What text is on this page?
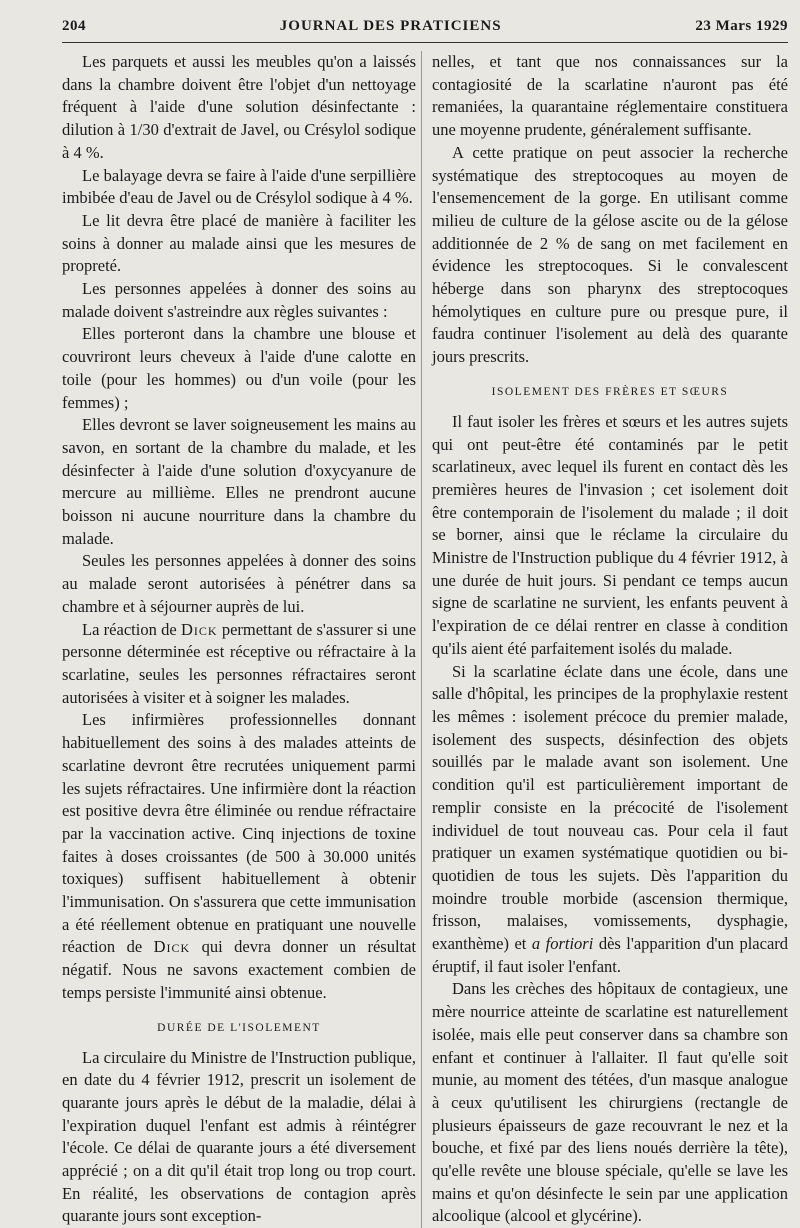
204	JOURNAL DES PRATICIENS	23 Mars 1929

Les parquets et aussi les meubles qu'on a laissés dans la chambre doivent être l'objet d'un nettoyage fréquent à l'aide d'une solution désinfectante : dilution à 1/30 d'extrait de Javel, ou Crésylol sodique à 4 %.

Le balayage devra se faire à l'aide d'une serpillière imbibée d'eau de Javel ou de Crésylol sodique à 4 %.

Le lit devra être placé de manière à faciliter les soins à donner au malade ainsi que les mesures de propreté.

Les personnes appelées à donner des soins au malade doivent s'astreindre aux règles suivantes :

Elles porteront dans la chambre une blouse et couvriront leurs cheveux à l'aide d'une calotte en toile (pour les hommes) ou d'un voile (pour les femmes) ;

Elles devront se laver soigneusement les mains au savon, en sortant de la chambre du malade, et les désinfecter à l'aide d'une solution d'oxycyanure de mercure au millième. Elles ne prendront aucune boisson ni aucune nourriture dans la chambre du malade.

Seules les personnes appelées à donner des soins au malade seront autorisées à pénétrer dans sa chambre et à séjourner auprès de lui.

La réaction de Dick permettant de s'assurer si une personne déterminée est réceptive ou réfractaire à la scarlatine, seules les personnes réfractaires seront autorisées à visiter et à soigner les malades.

Les infirmières professionnelles donnant habituellement des soins à des malades atteints de scarlatine devront être recrutées uniquement parmi les sujets réfractaires. Une infirmière dont la réaction est positive devra être éliminée ou rendue réfractaire par la vaccination active. Cinq injections de toxine faites à doses croissantes (de 500 à 30.000 unités toxiques) suffisent habituellement à obtenir l'immunisation. On s'assurera que cette immunisation a été réellement obtenue en pratiquant une nouvelle réaction de Dick qui devra donner un résultat négatif. Nous ne savons exactement combien de temps persiste l'immunité ainsi obtenue.

DURÉE DE L'ISOLEMENT

La circulaire du Ministre de l'Instruction publique, en date du 4 février 1912, prescrit un isolement de quarante jours après le début de la maladie, délai à l'expiration duquel l'enfant est admis à réintégrer l'école. Ce délai de quarante jours a été diversement apprécié ; on a dit qu'il était trop long ou trop court. En réalité, les observations de contagion après quarante jours sont exception-

nelles, et tant que nos connaissances sur la contagiosité de la scarlatine n'auront pas été remaniées, la quarantaine réglementaire constituera une moyenne prudente, généralement suffisante.

A cette pratique on peut associer la recherche systématique des streptocoques au moyen de l'ensemencement de la gorge. En utilisant comme milieu de culture de la gélose ascite ou de la gélose additionnée de 2 % de sang on met facilement en évidence les streptocoques. Si le convalescent héberge dans son pharynx des streptocoques hémolytiques en culture pure ou presque pure, il faudra continuer l'isolement au delà des quarante jours prescrits.

ISOLEMENT DES FRÈRES ET SŒURS

Il faut isoler les frères et sœurs et les autres sujets qui ont peut-être été contaminés par le petit scarlatineux, avec lequel ils furent en contact dès les premières heures de l'invasion ; cet isolement doit être contemporain de l'isolement du malade ; il doit se borner, ainsi que le réclame la circulaire du Ministre de l'Instruction publique du 4 février 1912, à une durée de huit jours. Si pendant ce temps aucun signe de scarlatine ne survient, les enfants peuvent à l'expiration de ce délai rentrer en classe à condition qu'ils aient été parfaitement isolés du malade.

Si la scarlatine éclate dans une école, dans une salle d'hôpital, les principes de la prophylaxie restent les mêmes : isolement précoce du premier malade, isolement des suspects, désinfection des objets souillés par le malade avant son isolement. Une condition qu'il est particulièrement important de remplir consiste en la précocité de l'isolement individuel de tout nouveau cas. Pour cela il faut pratiquer un examen systématique quotidien ou bi-quotidien de tous les sujets. Dès l'apparition du moindre trouble morbide (ascension thermique, frisson, malaises, vomissements, dysphagie, exanthème) et a fortiori dès l'apparition d'un placard éruptif, il faut isoler l'enfant.

Dans les crèches des hôpitaux de contagieux, une mère nourrice atteinte de scarlatine est naturellement isolée, mais elle peut conserver dans sa chambre son enfant et continuer à l'allaiter. Il faut qu'elle soit munie, au moment des tétées, d'un masque analogue à ceux qu'utilisent les chirurgiens (rectangle de plusieurs épaisseurs de gaze recouvrant le nez et la bouche, et fixé par des liens noués derrière la tête), qu'elle revête une blouse spéciale, qu'elle se lave les mains et qu'on désinfecte le sein par une application alcoolique (alcool et glycérine).
